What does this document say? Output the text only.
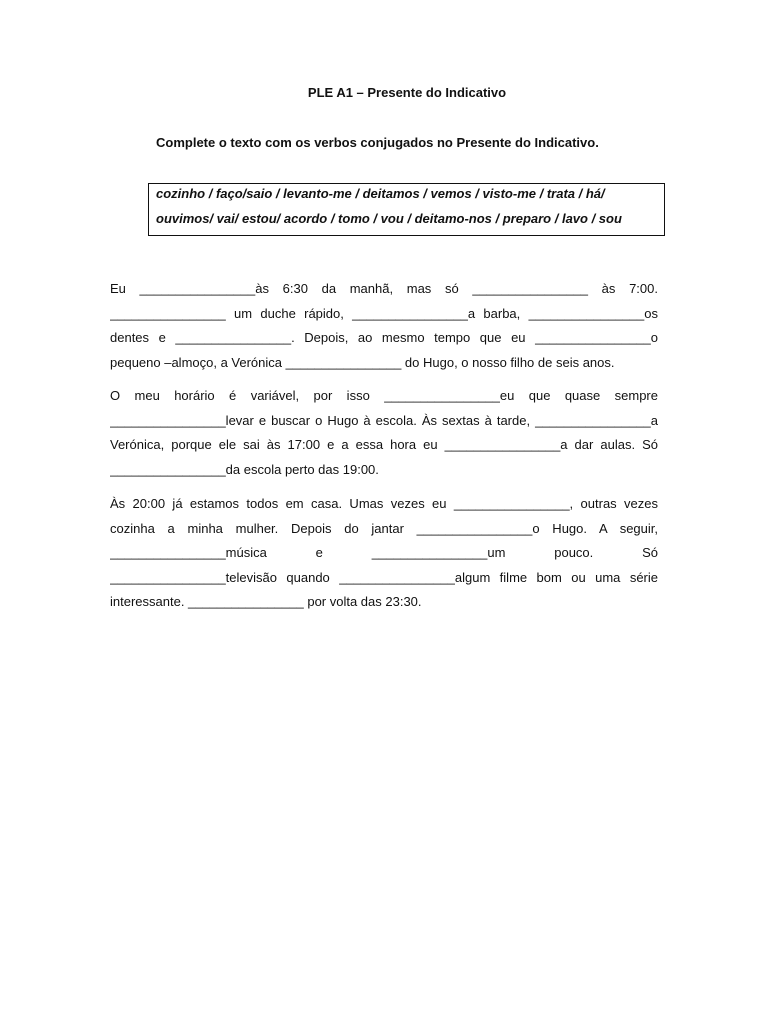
PLE A1 – Presente do Indicativo
Complete o texto com os verbos conjugados no Presente do Indicativo.
cozinho / faço/saio / levanto-me / deitamos / vemos / visto-me / trata / há/
ouvimos/ vai/ estou/ acordo / tomo / vou / deitamo-nos / preparo / lavo / sou
Eu ________________às 6:30 da manhã, mas só ________________ às 7:00.
________________ um duche rápido, ________________a barba, ________________os
dentes e ________________. Depois, ao mesmo tempo que eu ________________o
pequeno –almoço, a Verónica ________________ do Hugo, o nosso filho de seis anos.
O meu horário é variável, por isso ________________eu que quase sempre
________________levar e buscar o Hugo à escola. Às sextas à tarde, ________________a
Verónica, porque ele sai às 17:00 e a essa hora eu ________________a dar aulas. Só
________________da escola perto das 19:00.
Às 20:00 já estamos todos em casa. Umas vezes eu ________________, outras vezes
cozinha a minha mulher. Depois do jantar ________________o Hugo. A seguir,
________________música e ________________um pouco. Só
________________televisão quando ________________algum filme bom ou uma série
interessante. ________________ por volta das 23:30.
